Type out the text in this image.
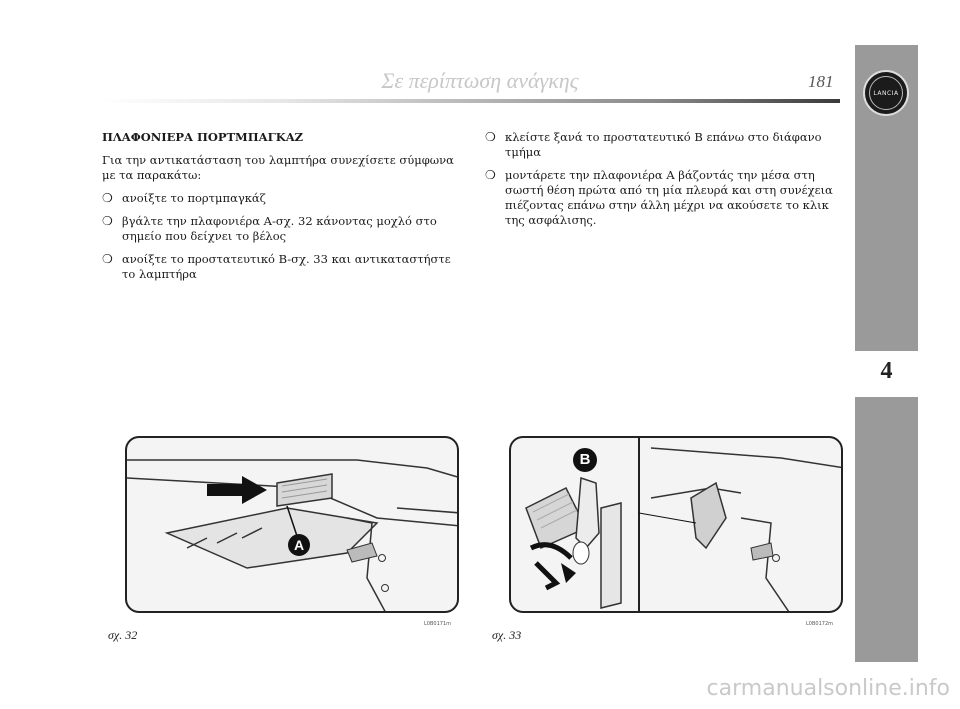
Σε περίπτωση ανάγκης	181
LANCIA
4
ΠΛΑΦΟΝΙΕΡΑ ΠΟΡΤΜΠΑΓΚΑΖ
Για την αντικατάσταση του λαμπτήρα συνεχίσετε σύμφωνα με τα παρακάτω:
❍ ανοίξτε το πορτμπαγκάζ
❍ βγάλτε την πλαφονιέρα A-σχ. 32 κάνοντας μοχλό στο σημείο που δείχνει το βέλος
❍ ανοίξτε το προστατευτικό B-σχ. 33 και αντικαταστήστε το λαμπτήρα
❍ κλείστε ξανά το προστατευτικό B επάνω στο διάφανο τμήμα
❍ μοντάρετε την πλαφονιέρα A βάζοντάς την μέσα στη σωστή θέση πρώτα από τη μία πλευρά και στη συνέχεια πιέζοντας επάνω στην άλλη μέχρι να ακούσετε το κλικ της ασφάλισης.
A
σχ. 32
L0B0171m
B
σχ. 33
L0B0172m
carmanualsonline.info
